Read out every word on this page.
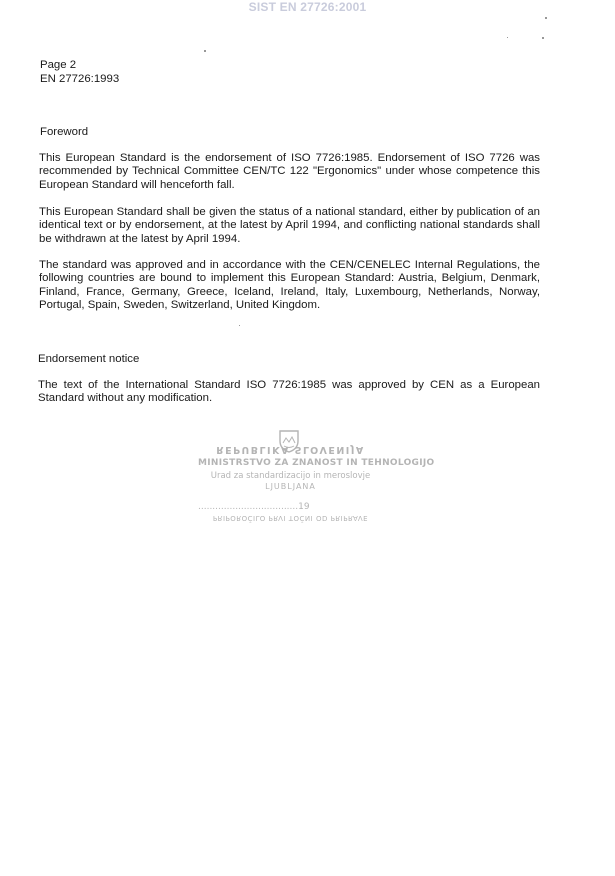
SIST EN 27726:2001
Page 2
EN 27726:1993
Foreword

This European Standard is the endorsement of ISO 7726:1985. Endorsement of ISO 7726 was recommended by Technical Committee CEN/TC 122 "Ergonomics" under whose competence this European Standard will henceforth fall.

This European Standard shall be given the status of a national standard, either by publication of an identical text or by endorsement, at the latest by April 1994, and conflicting national standards shall be withdrawn at the latest by April 1994.

The standard was approved and in accordance with the CEN/CENELEC Internal Regulations, the following countries are bound to implement this European Standard: Austria, Belgium, Denmark, Finland, France, Germany, Greece, Iceland, Ireland, Italy, Luxembourg, Netherlands, Norway, Portugal, Spain, Sweden, Switzerland, United Kingdom.

Endorsement notice

The text of the International Standard ISO 7726:1985 was approved by CEN as a European Standard without any modification.

REPUBLIKA SLOVENIJA
MINISTRSTVO ZA ZNANOST IN TEHNOLOGIJO
Urad za standardizacijo in meroslovje
LJUBLJANA
...................................19
PRIPOROČILO PRVI TOČNI OD PRIPRAVE
